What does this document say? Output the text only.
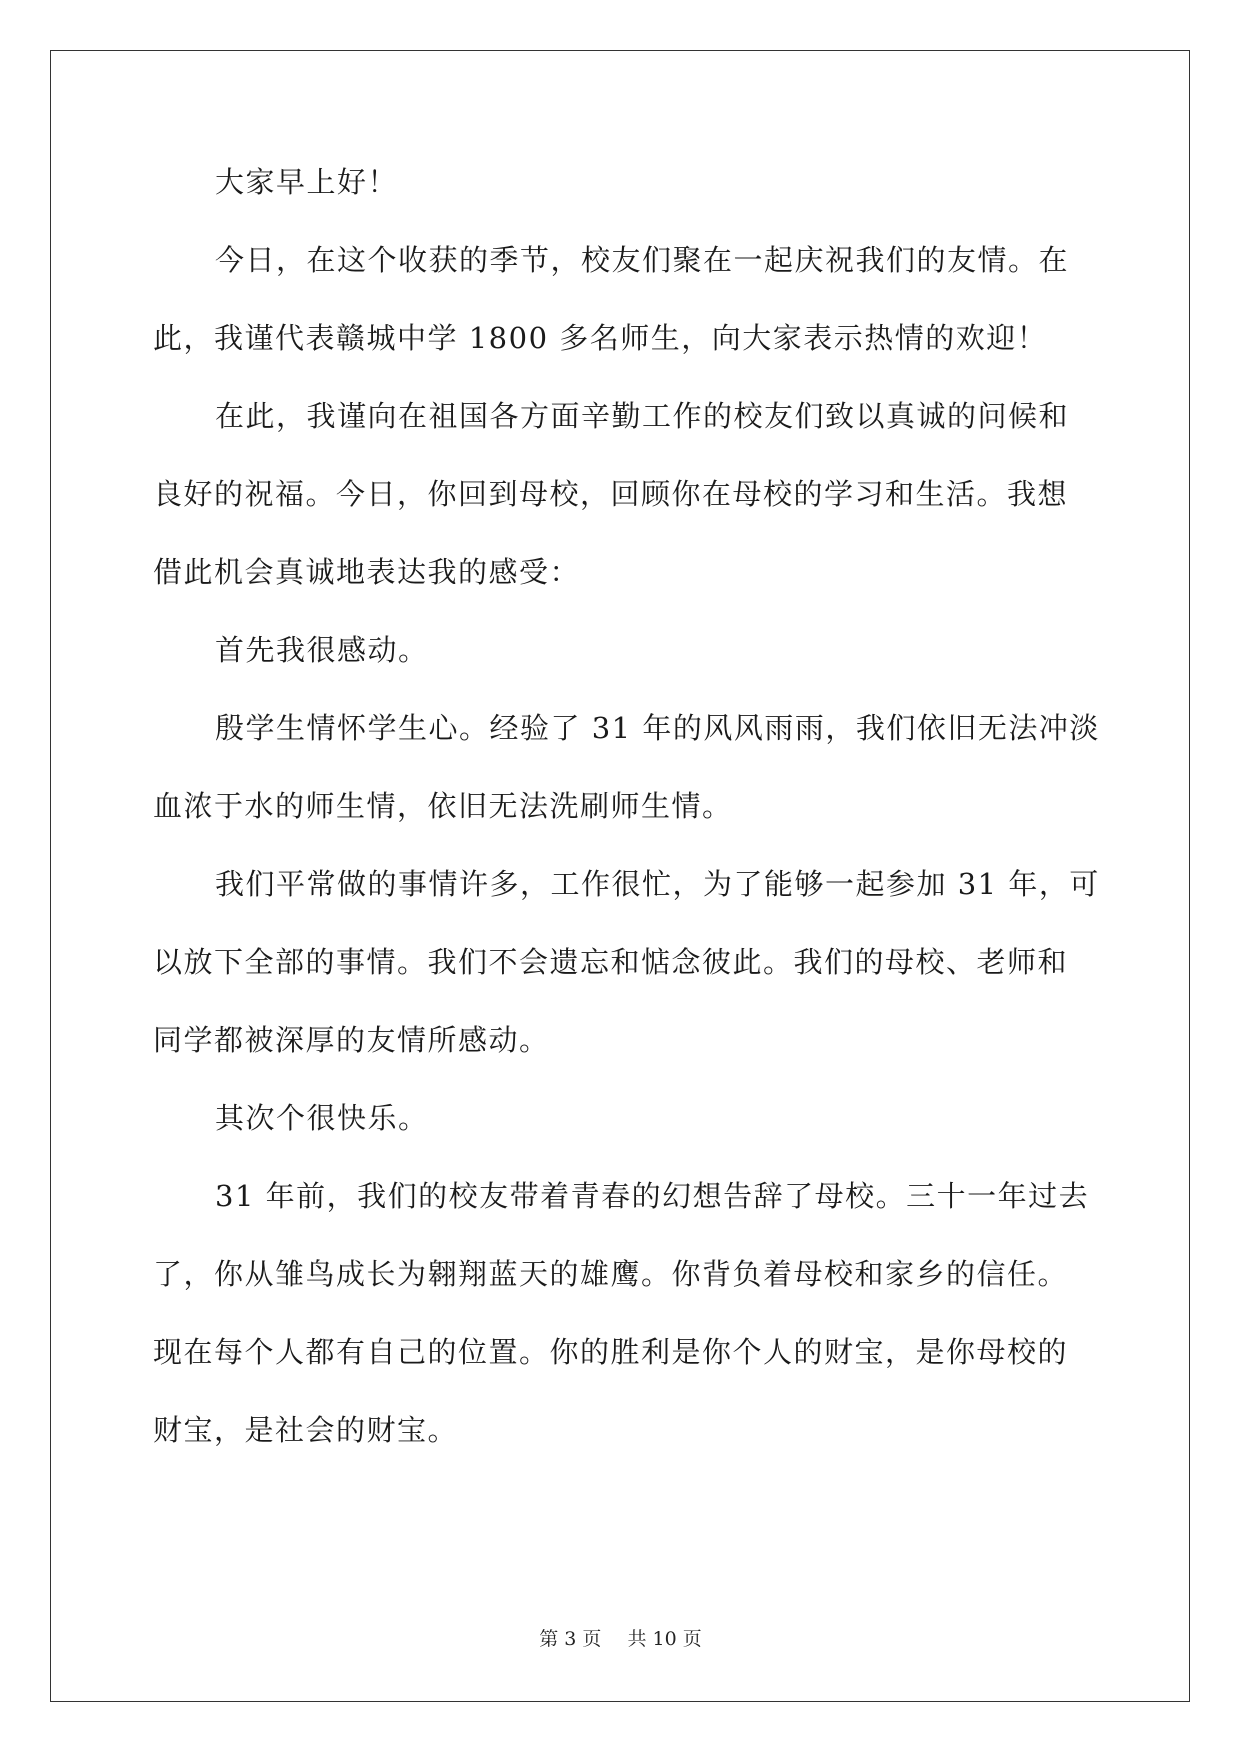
大家早上好！
今日，在这个收获的季节，校友们聚在一起庆祝我们的友情。在
此，我谨代表赣城中学 1800 多名师生，向大家表示热情的欢迎！
在此，我谨向在祖国各方面辛勤工作的校友们致以真诚的问候和
良好的祝福。今日，你回到母校，回顾你在母校的学习和生活。我想
借此机会真诚地表达我的感受：
首先我很感动。
殷学生情怀学生心。经验了 31 年的风风雨雨，我们依旧无法冲淡
血浓于水的师生情，依旧无法洗刷师生情。
我们平常做的事情许多，工作很忙，为了能够一起参加 31 年，可
以放下全部的事情。我们不会遗忘和惦念彼此。我们的母校、老师和
同学都被深厚的友情所感动。
其次个很快乐。
31 年前，我们的校友带着青春的幻想告辞了母校。三十一年过去
了，你从雏鸟成长为翱翔蓝天的雄鹰。你背负着母校和家乡的信任。
现在每个人都有自己的位置。你的胜利是你个人的财宝，是你母校的
财宝，是社会的财宝。
第 3 页 共 10 页
